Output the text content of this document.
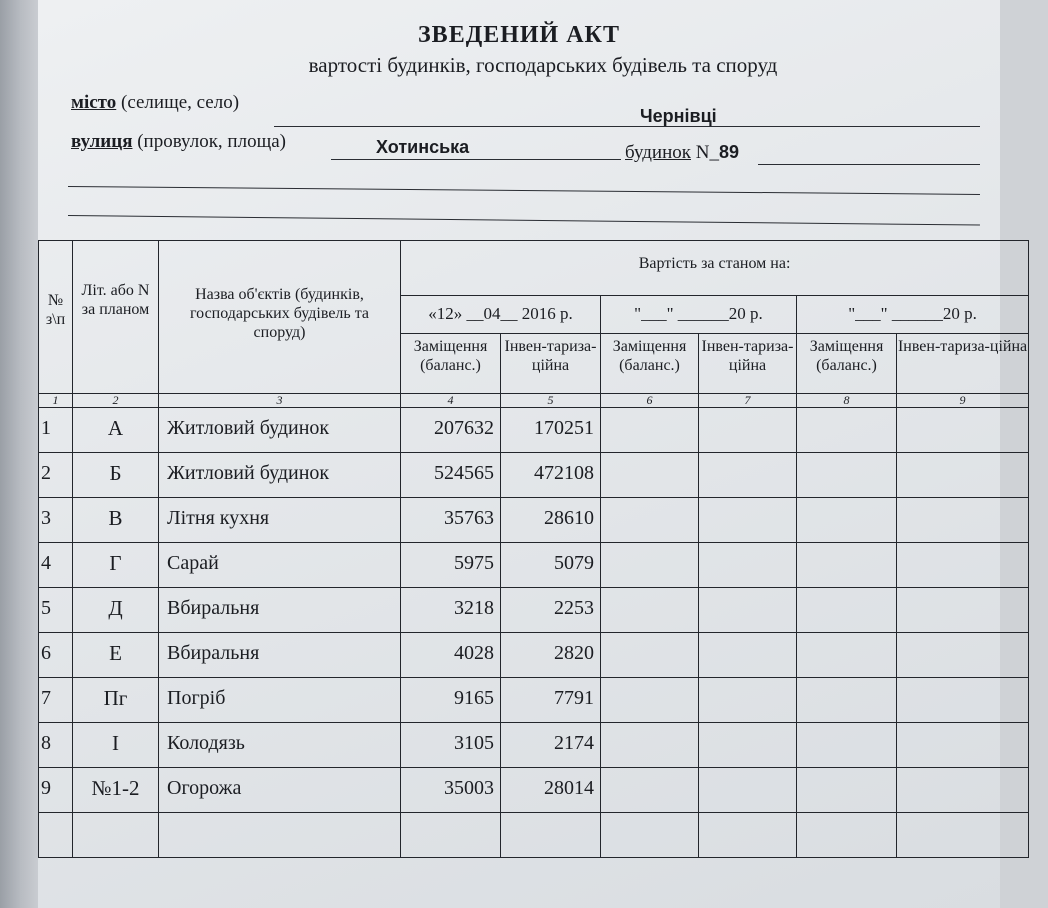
ЗВЕДЕНИЙ АКТ
вартості будинків, господарських будівель та споруд
місто (селище, село)
Чернівці
вулиця (провулок, площа)	Хотинська	будинок N_89
№ з\п	Літ. або N за планом	Назва об'єктів (будинків, господарських будівель та споруд)	Вартість за станом на:					
			«12» __04__ 2016 р.		"___" ______20 р.		"___" ______20 р.	
			Заміщення (баланс.)	Інвен-тариза-ційна	Заміщення (баланс.)	Інвен-тариза-ційна	Заміщення (баланс.)	Інвен-тариза-ційна
1	2	3	4	5	6	7	8	9
1	А	Житловий будинок	207632	170251				
2	Б	Житловий будинок	524565	472108				
3	В	Літня кухня	35763	28610				
4	Г	Сарай	5975	5079				
5	Д	Вбиральня	3218	2253				
6	Е	Вбиральня	4028	2820				
7	Пг	Погріб	9165	7791				
8	І	Колодязь	3105	2174				
9	№1-2	Огорожа	35003	28014				
